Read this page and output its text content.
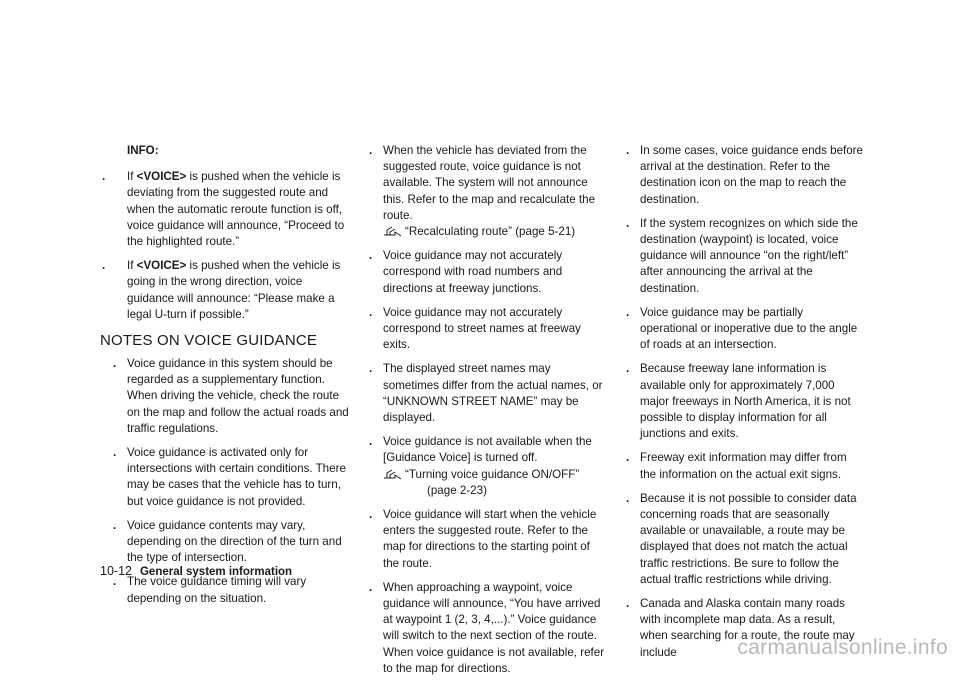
INFO:
. If <VOICE> is pushed when the vehicle is deviating from the suggested route and when the automatic reroute function is off, voice guidance will announce, “Proceed to the highlighted route.”
. If <VOICE> is pushed when the vehicle is going in the wrong direction, voice guidance will announce: “Please make a legal U-turn if possible.”
NOTES ON VOICE GUIDANCE
. Voice guidance in this system should be regarded as a supplementary function. When driving the vehicle, check the route on the map and follow the actual roads and traffic regulations.
. Voice guidance is activated only for intersections with certain conditions. There may be cases that the vehicle has to turn, but voice guidance is not provided.
. Voice guidance contents may vary, depending on the direction of the turn and the type of intersection.
. The voice guidance timing will vary depending on the situation.
. When the vehicle has deviated from the suggested route, voice guidance is not available. The system will not announce this. Refer to the map and recalculate the route.
“Recalculating route” (page 5-21)
. Voice guidance may not accurately correspond with road numbers and directions at freeway junctions.
. Voice guidance may not accurately correspond to street names at freeway exits.
. The displayed street names may sometimes differ from the actual names, or “UNKNOWN STREET NAME” may be displayed.
. Voice guidance is not available when the [Guidance Voice] is turned off.
“Turning voice guidance ON/OFF”
(page 2-23)
. Voice guidance will start when the vehicle enters the suggested route. Refer to the map for directions to the starting point of the route.
. When approaching a waypoint, voice guidance will announce, “You have arrived at waypoint 1 (2, 3, 4,...).” Voice guidance will switch to the next section of the route. When voice guidance is not available, refer to the map for directions.
. In some cases, voice guidance ends before arrival at the destination. Refer to the destination icon on the map to reach the destination.
. If the system recognizes on which side the destination (waypoint) is located, voice guidance will announce “on the right/left” after announcing the arrival at the destination.
. Voice guidance may be partially operational or inoperative due to the angle of roads at an intersection.
. Because freeway lane information is available only for approximately 7,000 major freeways in North America, it is not possible to display information for all junctions and exits.
. Freeway exit information may differ from the information on the actual exit signs.
. Because it is not possible to consider data concerning roads that are seasonally available or unavailable, a route may be displayed that does not match the actual traffic restrictions. Be sure to follow the actual traffic restrictions while driving.
. Canada and Alaska contain many roads with incomplete map data. As a result, when searching for a route, the route may include
10-12 General system information
carmanualsonline.info
